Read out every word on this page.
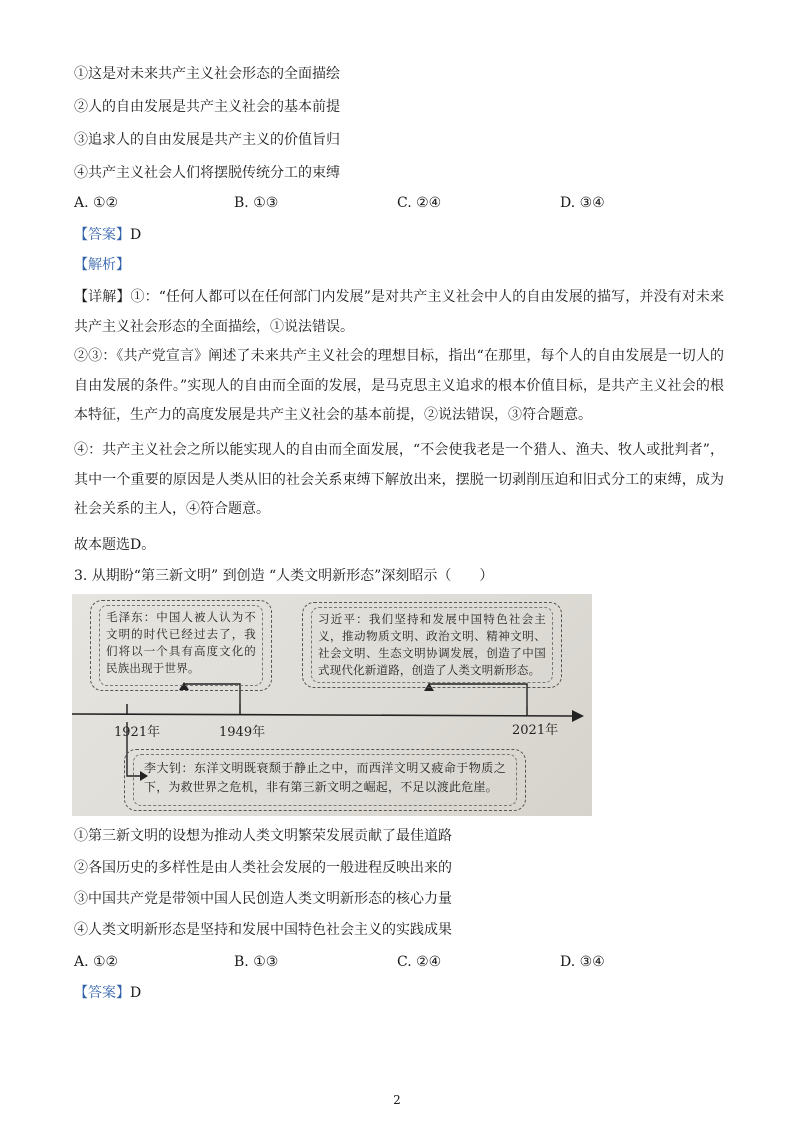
①这是对未来共产主义社会形态的全面描绘
②人的自由发展是共产主义社会的基本前提
③追求人的自由发展是共产主义的价值旨归
④共产主义社会人们将摆脱传统分工的束缚
A. ①②	B. ①③	C. ②④	D. ③④
【答案】D
【解析】
【详解】①：“任何人都可以在任何部门内发展”是对共产主义社会中人的自由发展的描写，并没有对未来共产主义社会形态的全面描绘，①说法错误。
②③：《共产党宣言》阐述了未来共产主义社会的理想目标，指出“在那里，每个人的自由发展是一切人的自由发展的条件。”实现人的自由而全面的发展，是马克思主义追求的根本价值目标，是共产主义社会的根本特征，生产力的高度发展是共产主义社会的基本前提，②说法错误，③符合题意。
④：共产主义社会之所以能实现人的自由而全面发展，“不会使我老是一个猎人、渔夫、牧人或批判者”，其中一个重要的原因是人类从旧的社会关系束缚下解放出来，摆脱一切剥削压迫和旧式分工的束缚，成为社会关系的主人，④符合题意。
故本题选D。
3. 从期盼“第三新文明” 到创造 “人类文明新形态”深刻昭示（　　）
毛泽东：中国人被人认为不文明的时代已经过去了，我们将以一个具有高度文化的民族出现于世界。
习近平：我们坚持和发展中国特色社会主义，推动物质文明、政治文明、精神文明、社会文明、生态文明协调发展，创造了中国式现代化新道路，创造了人类文明新形态。
1921年	1949年	2021年
李大钊：东洋文明既衰颓于静止之中，而西洋文明又疲命于物质之下，为救世界之危机，非有第三新文明之崛起，不足以渡此危崖。
①第三新文明的设想为推动人类文明繁荣发展贡献了最佳道路
②各国历史的多样性是由人类社会发展的一般进程反映出来的
③中国共产党是带领中国人民创造人类文明新形态的核心力量
④人类文明新形态是坚持和发展中国特色社会主义的实践成果
A. ①②	B. ①③	C. ②④	D. ③④
【答案】D
2
